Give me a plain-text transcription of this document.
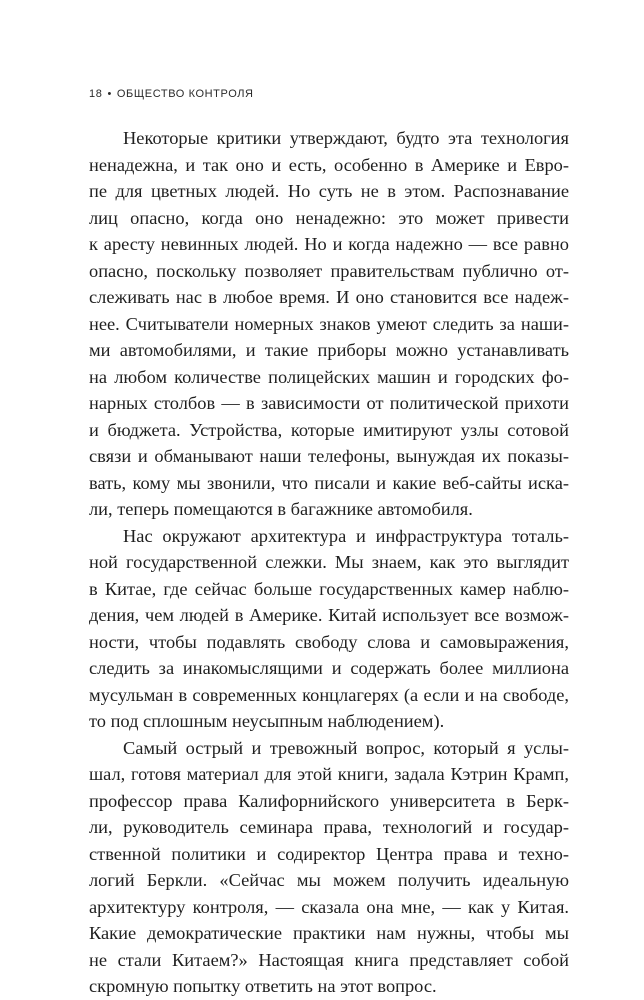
18 • ОБЩЕСТВО КОНТРОЛЯ
Некоторые критики утверждают, будто эта технология
ненадежна, и так оно и есть, особенно в Америке и Евро-
пе для цветных людей. Но суть не в этом. Распознавание
лиц опасно, когда оно ненадежно: это может привести
к аресту невинных людей. Но и когда надежно — все равно
опасно, поскольку позволяет правительствам публично от-
слеживать нас в любое время. И оно становится все надеж-
нее. Считыватели номерных знаков умеют следить за наши-
ми автомобилями, и такие приборы можно устанавливать
на любом количестве полицейских машин и городских фо-
нарных столбов — в зависимости от политической прихоти
и бюджета. Устройства, которые имитируют узлы сотовой
связи и обманывают наши телефоны, вынуждая их показы-
вать, кому мы звонили, что писали и какие веб-сайты иска-
ли, теперь помещаются в багажнике автомобиля.
Нас окружают архитектура и инфраструктура тоталь-
ной государственной слежки. Мы знаем, как это выглядит
в Китае, где сейчас больше государственных камер наблю-
дения, чем людей в Америке. Китай использует все возмож-
ности, чтобы подавлять свободу слова и самовыражения,
следить за инакомыслящими и содержать более миллиона
мусульман в современных концлагерях (а если и на свободе,
то под сплошным неусыпным наблюдением).
Самый острый и тревожный вопрос, который я услы-
шал, готовя материал для этой книги, задала Кэтрин Крамп,
профессор права Калифорнийского университета в Берк-
ли, руководитель семинара права, технологий и государ-
ственной политики и содиректор Центра права и техно-
логий Беркли. «Сейчас мы можем получить идеальную
архитектуру контроля, — сказала она мне, — как у Китая.
Какие демократические практики нам нужны, чтобы мы
не стали Китаем?» Настоящая книга представляет собой
скромную попытку ответить на этот вопрос.
